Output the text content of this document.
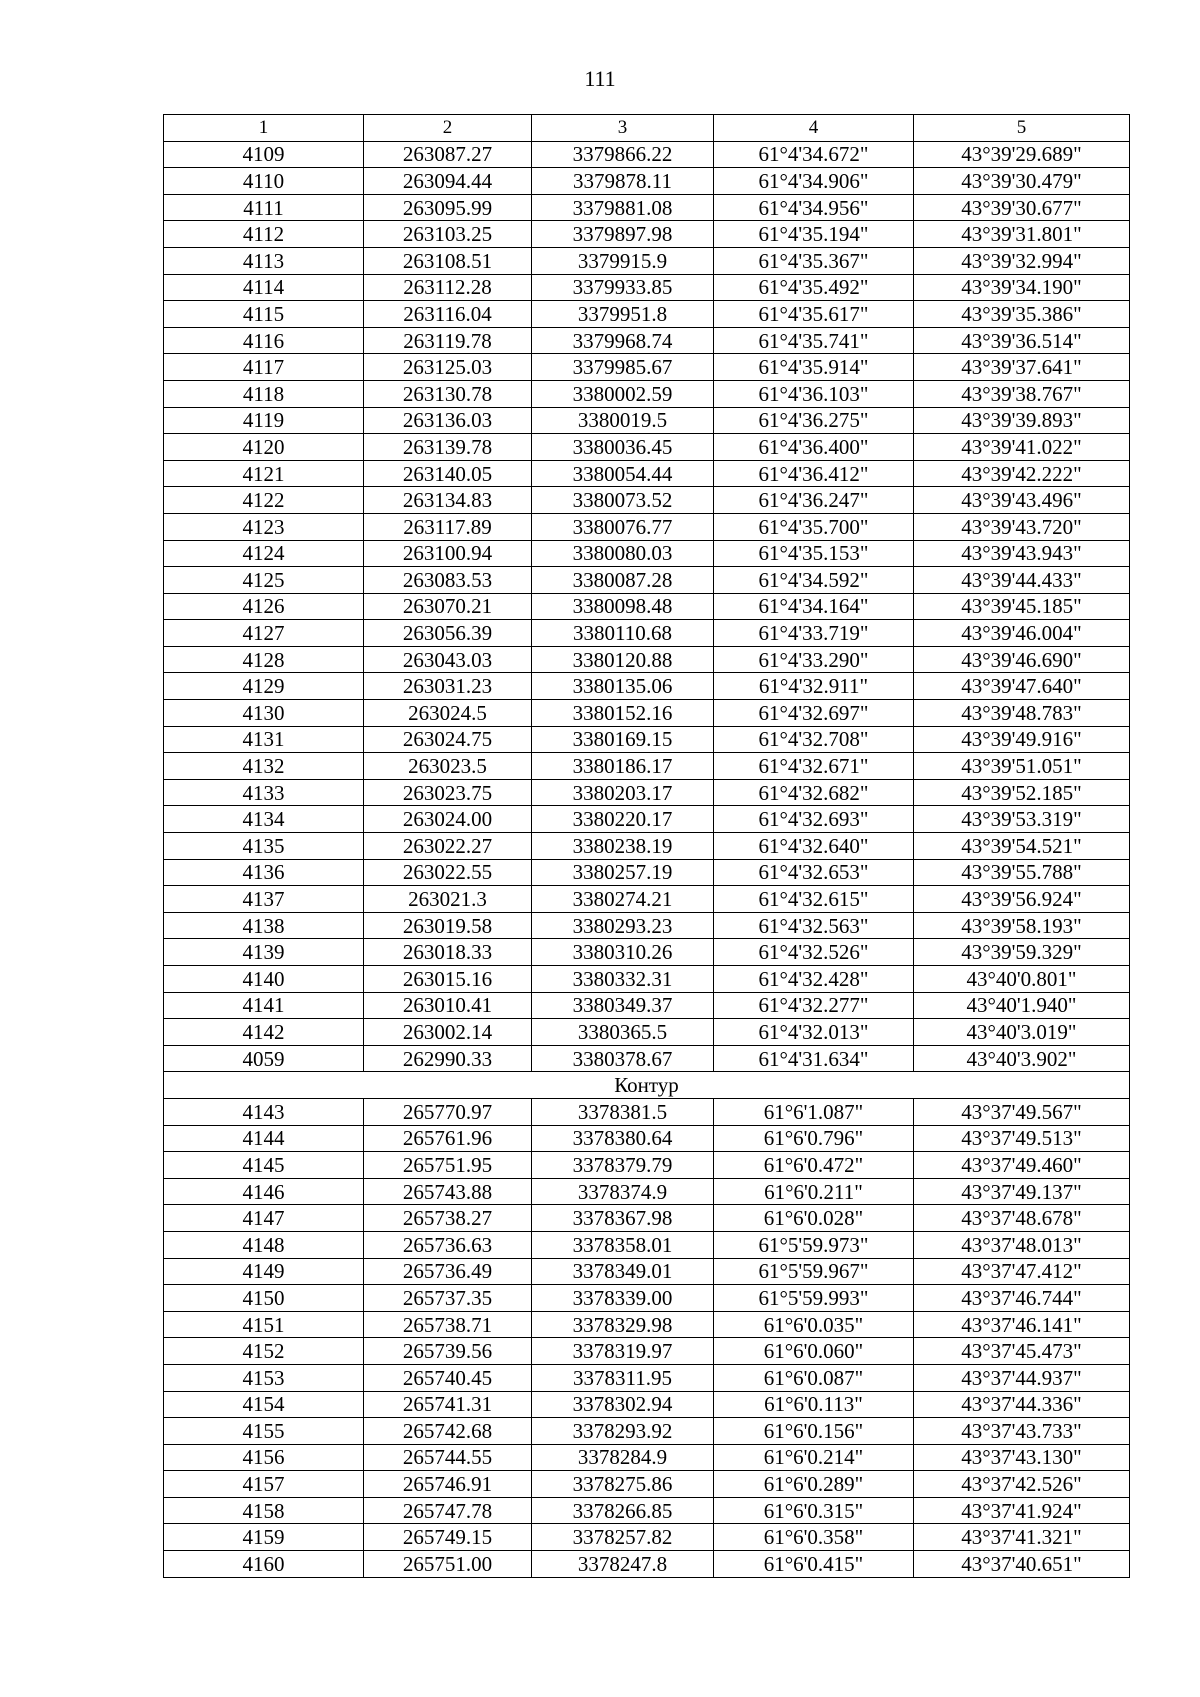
111
1	2	3	4	5
4109	263087.27	3379866.22	61°4'34.672"	43°39'29.689"
4110	263094.44	3379878.11	61°4'34.906"	43°39'30.479"
4111	263095.99	3379881.08	61°4'34.956"	43°39'30.677"
4112	263103.25	3379897.98	61°4'35.194"	43°39'31.801"
4113	263108.51	3379915.9	61°4'35.367"	43°39'32.994"
4114	263112.28	3379933.85	61°4'35.492"	43°39'34.190"
4115	263116.04	3379951.8	61°4'35.617"	43°39'35.386"
4116	263119.78	3379968.74	61°4'35.741"	43°39'36.514"
4117	263125.03	3379985.67	61°4'35.914"	43°39'37.641"
4118	263130.78	3380002.59	61°4'36.103"	43°39'38.767"
4119	263136.03	3380019.5	61°4'36.275"	43°39'39.893"
4120	263139.78	3380036.45	61°4'36.400"	43°39'41.022"
4121	263140.05	3380054.44	61°4'36.412"	43°39'42.222"
4122	263134.83	3380073.52	61°4'36.247"	43°39'43.496"
4123	263117.89	3380076.77	61°4'35.700"	43°39'43.720"
4124	263100.94	3380080.03	61°4'35.153"	43°39'43.943"
4125	263083.53	3380087.28	61°4'34.592"	43°39'44.433"
4126	263070.21	3380098.48	61°4'34.164"	43°39'45.185"
4127	263056.39	3380110.68	61°4'33.719"	43°39'46.004"
4128	263043.03	3380120.88	61°4'33.290"	43°39'46.690"
4129	263031.23	3380135.06	61°4'32.911"	43°39'47.640"
4130	263024.5	3380152.16	61°4'32.697"	43°39'48.783"
4131	263024.75	3380169.15	61°4'32.708"	43°39'49.916"
4132	263023.5	3380186.17	61°4'32.671"	43°39'51.051"
4133	263023.75	3380203.17	61°4'32.682"	43°39'52.185"
4134	263024.00	3380220.17	61°4'32.693"	43°39'53.319"
4135	263022.27	3380238.19	61°4'32.640"	43°39'54.521"
4136	263022.55	3380257.19	61°4'32.653"	43°39'55.788"
4137	263021.3	3380274.21	61°4'32.615"	43°39'56.924"
4138	263019.58	3380293.23	61°4'32.563"	43°39'58.193"
4139	263018.33	3380310.26	61°4'32.526"	43°39'59.329"
4140	263015.16	3380332.31	61°4'32.428"	43°40'0.801"
4141	263010.41	3380349.37	61°4'32.277"	43°40'1.940"
4142	263002.14	3380365.5	61°4'32.013"	43°40'3.019"
4059	262990.33	3380378.67	61°4'31.634"	43°40'3.902"
Контур				
4143	265770.97	3378381.5	61°6'1.087"	43°37'49.567"
4144	265761.96	3378380.64	61°6'0.796"	43°37'49.513"
4145	265751.95	3378379.79	61°6'0.472"	43°37'49.460"
4146	265743.88	3378374.9	61°6'0.211"	43°37'49.137"
4147	265738.27	3378367.98	61°6'0.028"	43°37'48.678"
4148	265736.63	3378358.01	61°5'59.973"	43°37'48.013"
4149	265736.49	3378349.01	61°5'59.967"	43°37'47.412"
4150	265737.35	3378339.00	61°5'59.993"	43°37'46.744"
4151	265738.71	3378329.98	61°6'0.035"	43°37'46.141"
4152	265739.56	3378319.97	61°6'0.060"	43°37'45.473"
4153	265740.45	3378311.95	61°6'0.087"	43°37'44.937"
4154	265741.31	3378302.94	61°6'0.113"	43°37'44.336"
4155	265742.68	3378293.92	61°6'0.156"	43°37'43.733"
4156	265744.55	3378284.9	61°6'0.214"	43°37'43.130"
4157	265746.91	3378275.86	61°6'0.289"	43°37'42.526"
4158	265747.78	3378266.85	61°6'0.315"	43°37'41.924"
4159	265749.15	3378257.82	61°6'0.358"	43°37'41.321"
4160	265751.00	3378247.8	61°6'0.415"	43°37'40.651"
